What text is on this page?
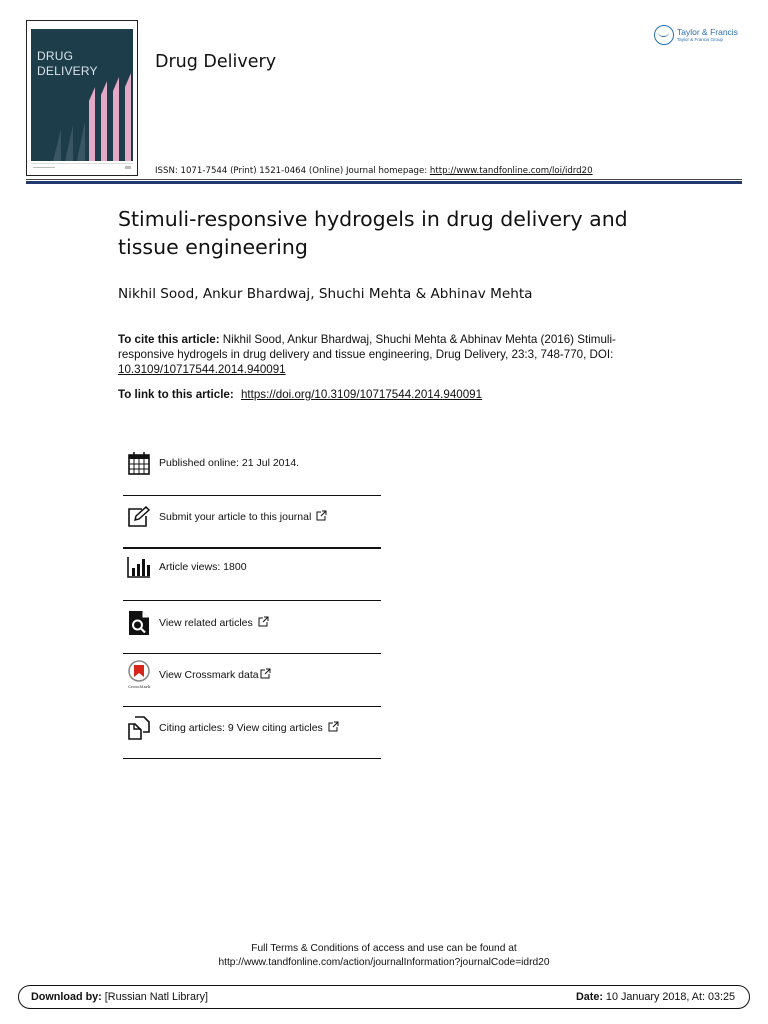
DRUG
DELIVERY	Drug Delivery
Taylor & Francis
Taylor & Francis Group
ISSN: 1071-7544 (Print) 1521-0464 (Online) Journal homepage: http://www.tandfonline.com/loi/idrd20
Stimuli-responsive hydrogels in drug delivery and tissue engineering
Nikhil Sood, Ankur Bhardwaj, Shuchi Mehta & Abhinav Mehta
To cite this article: Nikhil Sood, Ankur Bhardwaj, Shuchi Mehta & Abhinav Mehta (2016) Stimuli-responsive hydrogels in drug delivery and tissue engineering, Drug Delivery, 23:3, 748-770, DOI: 10.3109/10717544.2014.940091
To link to this article: https://doi.org/10.3109/10717544.2014.940091
Published online: 21 Jul 2014.
Submit your article to this journal
Article views: 1800
View related articles
View Crossmark data
CrossMark
Citing articles: 9 View citing articles
Full Terms & Conditions of access and use can be found at
http://www.tandfonline.com/action/journalInformation?journalCode=idrd20
Download by: [Russian Natl Library]	Date: 10 January 2018, At: 03:25
